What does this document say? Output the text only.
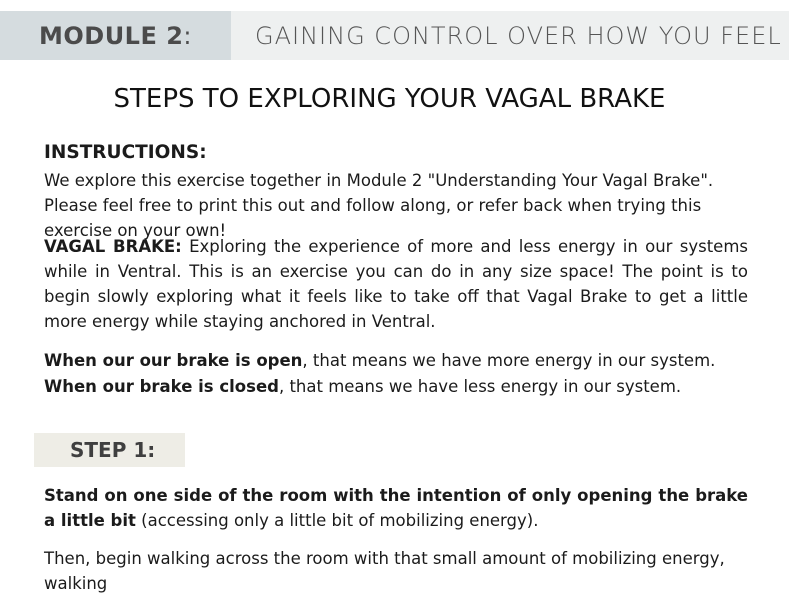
MODULE 2 :	GAINING CONTROL OVER HOW YOU FEEL
STEPS TO EXPLORING YOUR VAGAL BRAKE
INSTRUCTIONS:
We explore this exercise together in Module 2 "Understanding Your Vagal Brake". Please feel free to print this out and follow along, or refer back when trying this exercise on your own!
VAGAL BRAKE: Exploring the experience of more and less energy in our systems while in Ventral. This is an exercise you can do in any size space! The point is to begin slowly exploring what it feels like to take off that Vagal Brake to get a little more energy while staying anchored in Ventral.
When our our brake is open, that means we have more energy in our system.
When our brake is closed, that means we have less energy in our system.
STEP 1:
Stand on one side of the room with the intention of only opening the brake a little bit (accessing only a little bit of mobilizing energy).
Then, begin walking across the room with that small amount of mobilizing energy, walking
